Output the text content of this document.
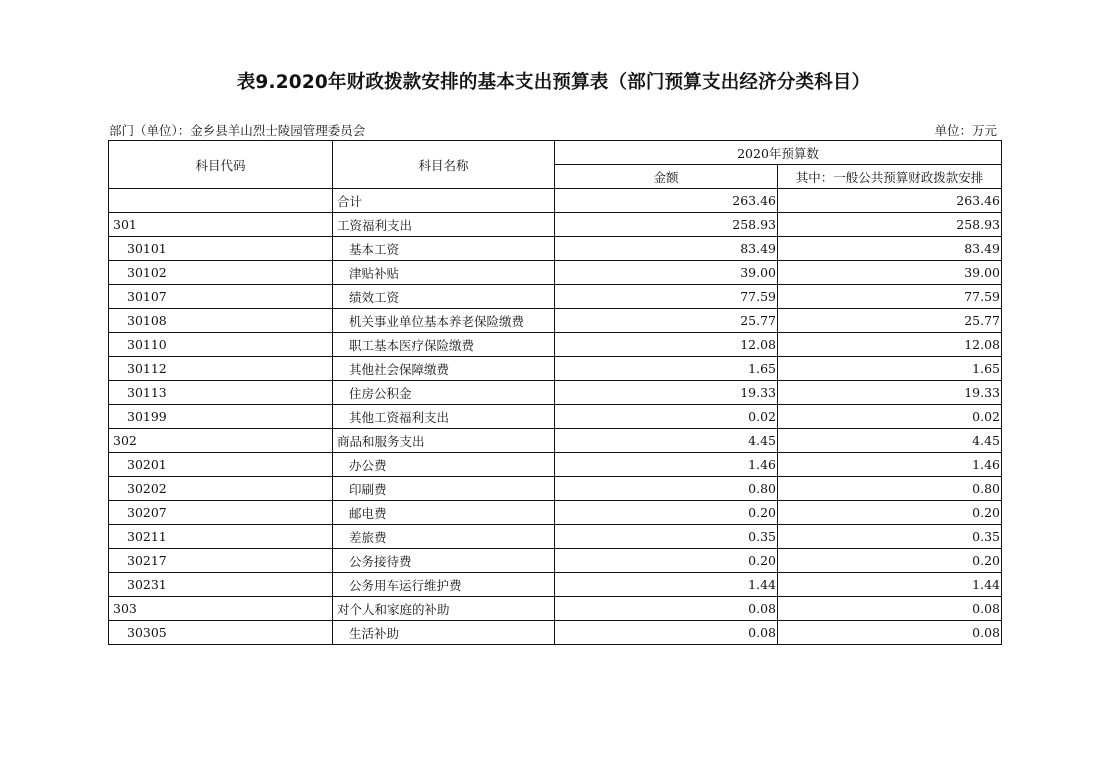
表9.2020年财政拨款安排的基本支出预算表（部门预算支出经济分类科目）
部门（单位）：金乡县羊山烈士陵园管理委员会	单位：万元
科目代码	科目名称	2020年预算数	
		金额	其中：一般公共预算财政拨款安排
	合计	263.46	263.46
301	工资福利支出	258.93	258.93
30101	基本工资	83.49	83.49
30102	津贴补贴	39.00	39.00
30107	绩效工资	77.59	77.59
30108	机关事业单位基本养老保险缴费	25.77	25.77
30110	职工基本医疗保险缴费	12.08	12.08
30112	其他社会保障缴费	1.65	1.65
30113	住房公积金	19.33	19.33
30199	其他工资福利支出	0.02	0.02
302	商品和服务支出	4.45	4.45
30201	办公费	1.46	1.46
30202	印刷费	0.80	0.80
30207	邮电费	0.20	0.20
30211	差旅费	0.35	0.35
30217	公务接待费	0.20	0.20
30231	公务用车运行维护费	1.44	1.44
303	对个人和家庭的补助	0.08	0.08
30305	生活补助	0.08	0.08
